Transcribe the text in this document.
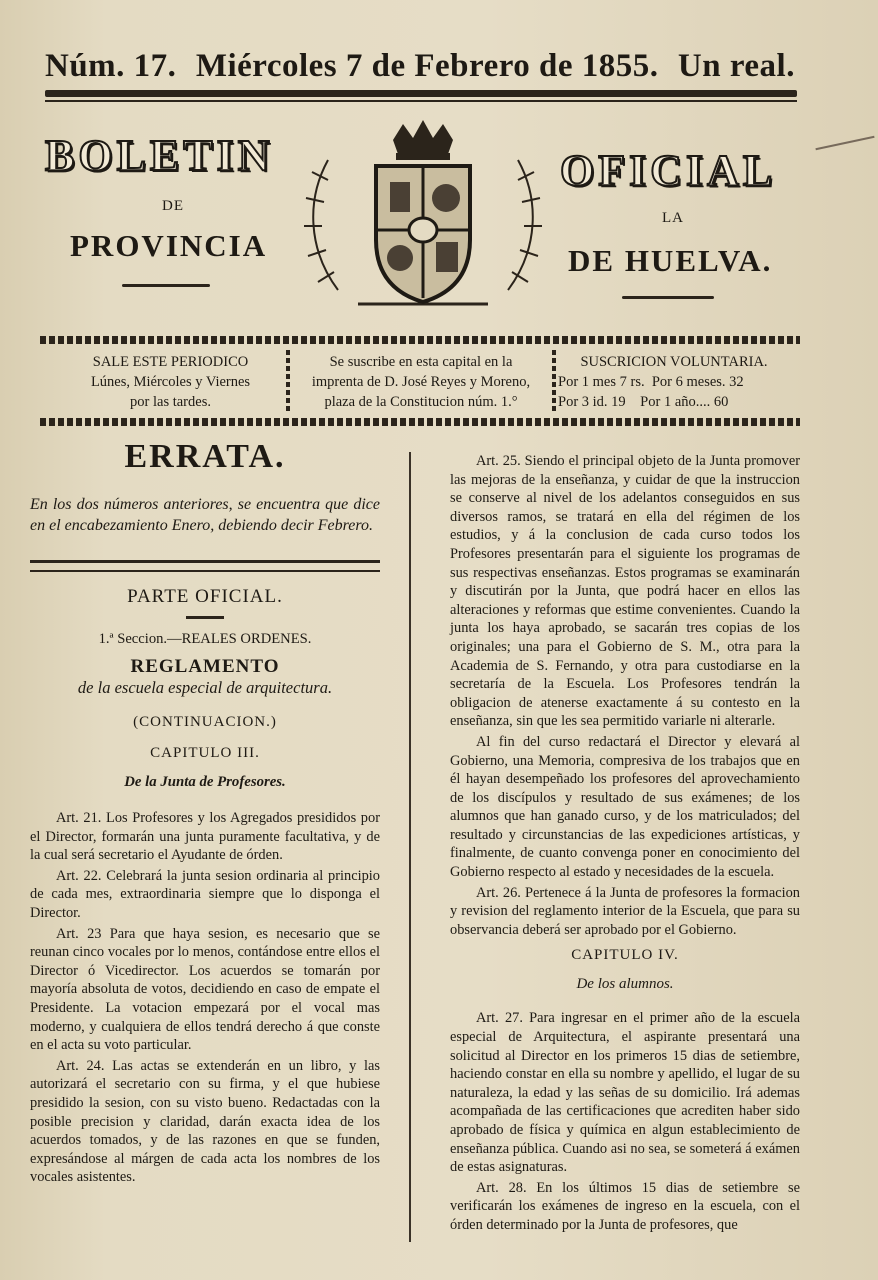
Núm. 17. Miércoles 7 de Febrero de 1855. Un real.
BOLETIN	OFICIAL
DE
LA
PROVINCIA	DE HUELVA.
SALE ESTE PERIODICO
Lúnes, Miércoles y Viernes
por las tardes.
Se suscribe en esta capital en la
imprenta de D. José Reyes y Moreno,
plaza de la Constitucion núm. 1.°
SUSCRICION VOLUNTARIA.
Por 1 mes 7 rs.  Por 6 meses. 32
Por 3 id. 19    Por 1 año.... 60
ERRATA.

En los dos números anteriores, se encuentra que dice en el encabezamiento Enero, debiendo decir Febrero.

PARTE OFICIAL.
1.ª Seccion.—REALES ORDENES.
REGLAMENTO
de la escuela especial de arquitectura.
(CONTINUACION.)
CAPITULO III.
De la Junta de Profesores.

Art. 21. Los Profesores y los Agregados presididos por el Director, formarán una junta puramente facultativa, y de la cual será secretario el Ayudante de órden.

Art. 22. Celebrará la junta sesion ordinaria al principio de cada mes, extraordinaria siempre que lo disponga el Director.

Art. 23 Para que haya sesion, es necesario que se reunan cinco vocales por lo menos, contándose entre ellos el Director ó Vicedirector. Los acuerdos se tomarán por mayoría absoluta de votos, decidiendo en caso de empate el Presidente. La votacion empezará por el vocal mas moderno, y cualquiera de ellos tendrá derecho á que conste en el acta su voto particular.

Art. 24. Las actas se extenderán en un libro, y las autorizará el secretario con su firma, y el que hubiese presidido la sesion, con su visto bueno. Redactadas con la posible precision y claridad, darán exacta idea de los acuerdos tomados, y de las razones en que se funden, expresándose al márgen de cada acta los nombres de los vocales asistentes.

Art. 25. Siendo el principal objeto de la Junta promover las mejoras de la enseñanza, y cuidar de que la instruccion se conserve al nivel de los adelantos conseguidos en sus diversos ramos, se tratará en ella del régimen de los estudios, y á la conclusion de cada curso todos los Profesores presentarán para el siguiente los programas de sus respectivas enseñanzas. Estos programas se examinarán y discutirán por la Junta, que podrá hacer en ellos las alteraciones y reformas que estime convenientes. Cuando la junta los haya aprobado, se sacarán tres copias de los originales; una para el Gobierno de S. M., otra para la Academia de S. Fernando, y otra para custodiarse en la secretaría de la Escuela. Los Profesores tendrán la obligacion de atenerse exactamente á su contesto en la enseñanza, sin que les sea permitido variarle ni alterarle.

Al fin del curso redactará el Director y elevará al Gobierno, una Memoria, compresiva de los trabajos que en él hayan desempeñado los profesores del aprovechamiento de los discípulos y resultado de sus exámenes; de los alumnos que han ganado curso, y de los matriculados; del resultado y circunstancias de las expediciones artísticas, y finalmente, de cuanto convenga poner en conocimiento del Gobierno respecto al estado y necesidades de la escuela.

Art. 26. Pertenece á la Junta de profesores la formacion y revision del reglamento interior de la Escuela, que para su observancia deberá ser aprobado por el Gobierno.

CAPITULO IV.
De los alumnos.

Art. 27. Para ingresar en el primer año de la escuela especial de Arquitectura, el aspirante presentará una solicitud al Director en los primeros 15 dias de setiembre, haciendo constar en ella su nombre y apellido, el lugar de su naturaleza, la edad y las señas de su domicilio. Irá ademas acompañada de las certificaciones que acrediten haber sido aprobado de física y química en algun establecimiento de enseñanza pública. Cuando asi no sea, se someterá á exámen de estas asignaturas.

Art. 28. En los últimos 15 dias de setiembre se verificarán los exámenes de ingreso en la escuela, con el órden determinado por la Junta de profesores, que
